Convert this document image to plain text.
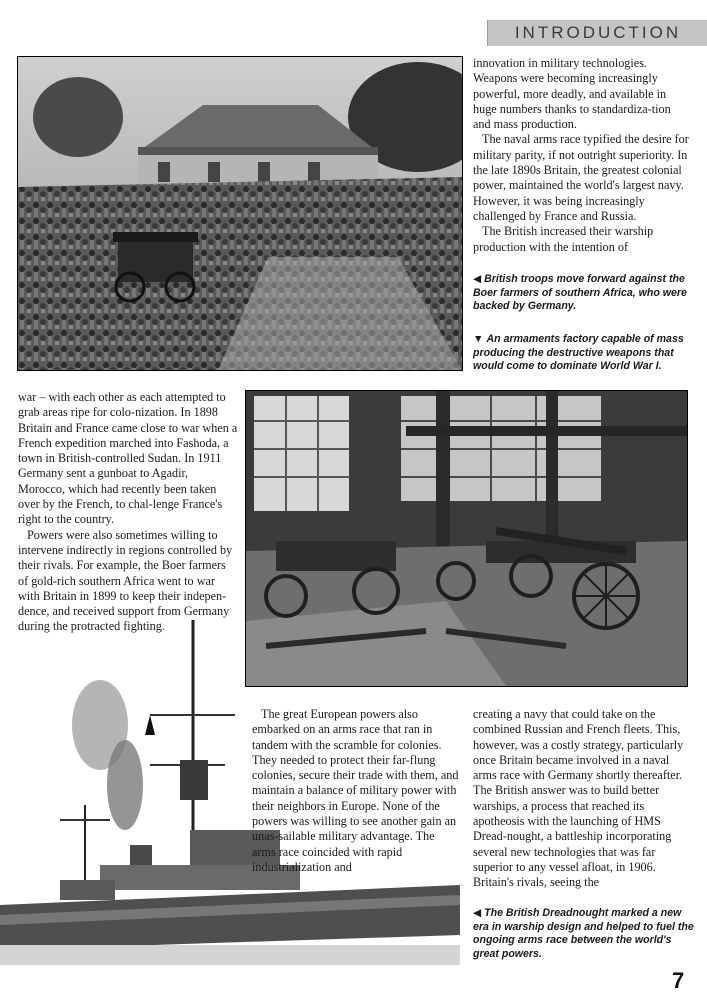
INTRODUCTION

innovation in military technologies. Weapons were becoming increasingly powerful, more deadly, and available in huge numbers thanks to standardiza-tion and mass production.

The naval arms race typified the desire for military parity, if not outright superiority. In the late 1890s Britain, the greatest colonial power, maintained the world's largest navy. However, it was being increasingly challenged by France and Russia.

The British increased their warship production with the intention of

◀ British troops move forward against the Boer farmers of southern Africa, who were backed by Germany.
▼ An armaments factory capable of mass producing the destructive weapons that would come to dominate World War I.

war – with each other as each attempted to grab areas ripe for colo-nization. In 1898 Britain and France came close to war when a French expedition marched into Fashoda, a town in British-controlled Sudan. In 1911 Germany sent a gunboat to Agadir, Morocco, which had recently been taken over by the French, to chal-lenge France's right to the country.

Powers were also sometimes willing to intervene indirectly in regions controlled by their rivals. For example, the Boer farmers of gold-rich southern Africa went to war with Britain in 1899 to keep their indepen-dence, and received support from Germany during the protracted fighting.

The great European powers also embarked on an arms race that ran in tandem with the scramble for colonies. They needed to protect their far-flung colonies, secure their trade with them, and maintain a balance of military power with their neighbors in Europe. None of the powers was willing to see another gain an unas-sailable military advantage. The arms race coincided with rapid industrialization and

creating a navy that could take on the combined Russian and French fleets. This, however, was a costly strategy, particularly once Britain became involved in a naval arms race with Germany shortly thereafter. The British answer was to build better warships, a process that reached its apotheosis with the launching of HMS Dread-nought, a battleship incorporating several new technologies that was far superior to any vessel afloat, in 1906. Britain's rivals, seeing the

◀ The British Dreadnought marked a new era in warship design and helped to fuel the ongoing arms race between the world's great powers.
7
